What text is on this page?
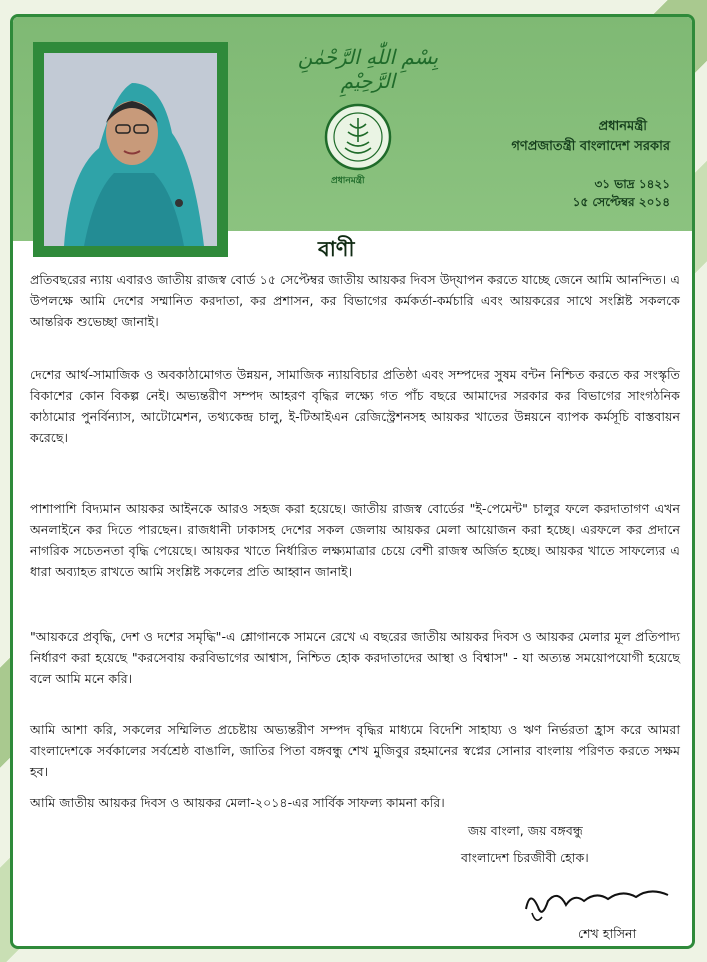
بِسْمِ اللّٰهِ الرَّحْمٰنِ الرَّحِيْمِ
প্রধানমন্ত্রী
প্রধানমন্ত্রী
গণপ্রজাতন্ত্রী বাংলাদেশ সরকার
৩১ ভাদ্র ১৪২১
১৫ সেপ্টেম্বর ২০১৪
বাণী
প্রতিবছরের ন্যায় এবারও জাতীয় রাজস্ব বোর্ড ১৫ সেপ্টেম্বর জাতীয় আয়কর দিবস উদ্‌যাপন করতে যাচ্ছে জেনে আমি আনন্দিত। এ উপলক্ষে আমি দেশের সম্মানিত করদাতা, কর প্রশাসন, কর বিভাগের কর্মকর্তা-কর্মচারি এবং আয়করের সাথে সংশ্লিষ্ট সকলকে আন্তরিক শুভেচ্ছা জানাই।
দেশের আর্থ-সামাজিক ও অবকাঠামোগত উন্নয়ন, সামাজিক ন্যায়বিচার প্রতিষ্ঠা এবং সম্পদের সুষম বন্টন নিশ্চিত করতে কর সংস্কৃতি বিকাশের কোন বিকল্প নেই। অভ্যন্তরীণ সম্পদ আহরণ বৃদ্ধির লক্ষ্যে গত পাঁচ বছরে আমাদের সরকার কর বিভাগের সাংগঠনিক কাঠামোর পুনর্বিন্যাস, আটোমেশন, তথ্যকেন্দ্র চালু, ই-টিআইএন রেজিস্ট্রেশনসহ আয়কর খাতের উন্নয়নে ব্যাপক কর্মসূচি বাস্তবায়ন করেছে।
পাশাপাশি বিদ্যমান আয়কর আইনকে আরও সহজ করা হয়েছে। জাতীয় রাজস্ব বোর্ডের "ই-পেমেন্ট" চালুর ফলে করদাতাগণ এখন অনলাইনে কর দিতে পারছেন। রাজধানী ঢাকাসহ দেশের সকল জেলায় আয়কর মেলা আয়োজন করা হচ্ছে। এরফলে কর প্রদানে নাগরিক সচেতনতা বৃদ্ধি পেয়েছে। আয়কর খাতে নির্ধারিত লক্ষ্যমাত্রার চেয়ে বেশী রাজস্ব অর্জিত হচ্ছে। আয়কর খাতে সাফল্যের এ ধারা অব্যাহত রাখতে আমি সংশ্লিষ্ট সকলের প্রতি আহ্বান জানাই।
"আয়করে প্রবৃদ্ধি, দেশ ও দশের সমৃদ্ধি"-এ শ্লোগানকে সামনে রেখে এ বছরের জাতীয় আয়কর দিবস ও আয়কর মেলার মূল প্রতিপাদ্য নির্ধারণ করা হয়েছে "করসেবায় করবিভাগের আশ্বাস, নিশ্চিত হোক করদাতাদের আস্থা ও বিশ্বাস" - যা অত্যন্ত সময়োপযোগী হয়েছে বলে আমি মনে করি।
আমি আশা করি, সকলের সম্মিলিত প্রচেষ্টায় অভ্যন্তরীণ সম্পদ বৃদ্ধির মাধ্যমে বিদেশি সাহায্য ও ঋণ নির্ভরতা হ্রাস করে আমরা বাংলাদেশকে সর্বকালের সর্বশ্রেষ্ঠ বাঙালি, জাতির পিতা বঙ্গবন্ধু শেখ মুজিবুর রহমানের স্বপ্নের সোনার বাংলায় পরিণত করতে সক্ষম হব।
আমি জাতীয় আয়কর দিবস ও আয়কর মেলা-২০১৪-এর সার্বিক সাফল্য কামনা করি।
জয় বাংলা, জয় বঙ্গবন্ধু
বাংলাদেশ চিরজীবী হোক।
শেখ হাসিনা
